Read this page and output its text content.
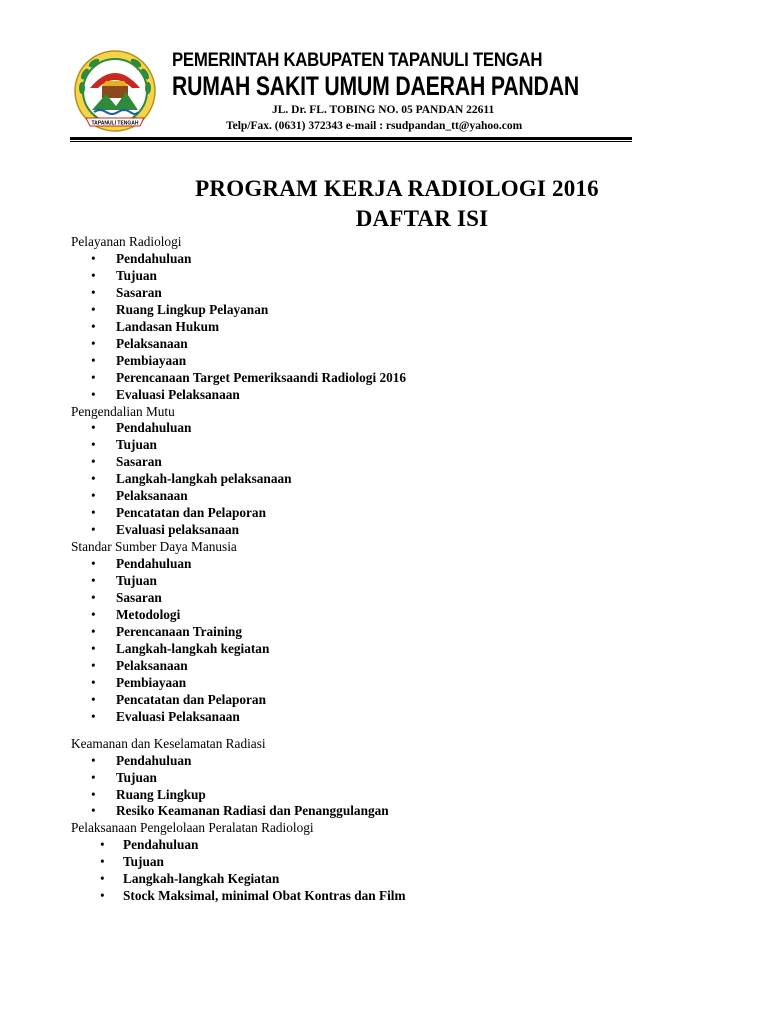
TAPANULI TENGAH
PEMERINTAH KABUPATEN TAPANULI TENGAH
RUMAH SAKIT UMUM DAERAH PANDAN
JL. Dr. FL. TOBING NO. 05 PANDAN 22611
Telp/Fax. (0631) 372343 e-mail : rsudpandan_tt@yahoo.com
PROGRAM KERJA RADIOLOGI 2016
DAFTAR ISI
Pelayanan Radiologi
• Pendahuluan
• Tujuan
• Sasaran
• Ruang Lingkup Pelayanan
• Landasan Hukum
• Pelaksanaan
• Pembiayaan
• Perencanaan Target Pemeriksaandi Radiologi 2016
• Evaluasi Pelaksanaan
Pengendalian Mutu
• Pendahuluan
• Tujuan
• Sasaran
• Langkah-langkah pelaksanaan
• Pelaksanaan
• Pencatatan dan Pelaporan
• Evaluasi pelaksanaan
Standar Sumber Daya Manusia
• Pendahuluan
• Tujuan
• Sasaran
• Metodologi
• Perencanaan Training
• Langkah-langkah kegiatan
• Pelaksanaan
• Pembiayaan
• Pencatatan dan Pelaporan
• Evaluasi Pelaksanaan
Keamanan dan Keselamatan Radiasi
• Pendahuluan
• Tujuan
• Ruang Lingkup
• Resiko Keamanan Radiasi dan Penanggulangan
Pelaksanaan Pengelolaan Peralatan Radiologi
• Pendahuluan
• Tujuan
• Langkah-langkah Kegiatan
• Stock Maksimal, minimal Obat Kontras dan Film
